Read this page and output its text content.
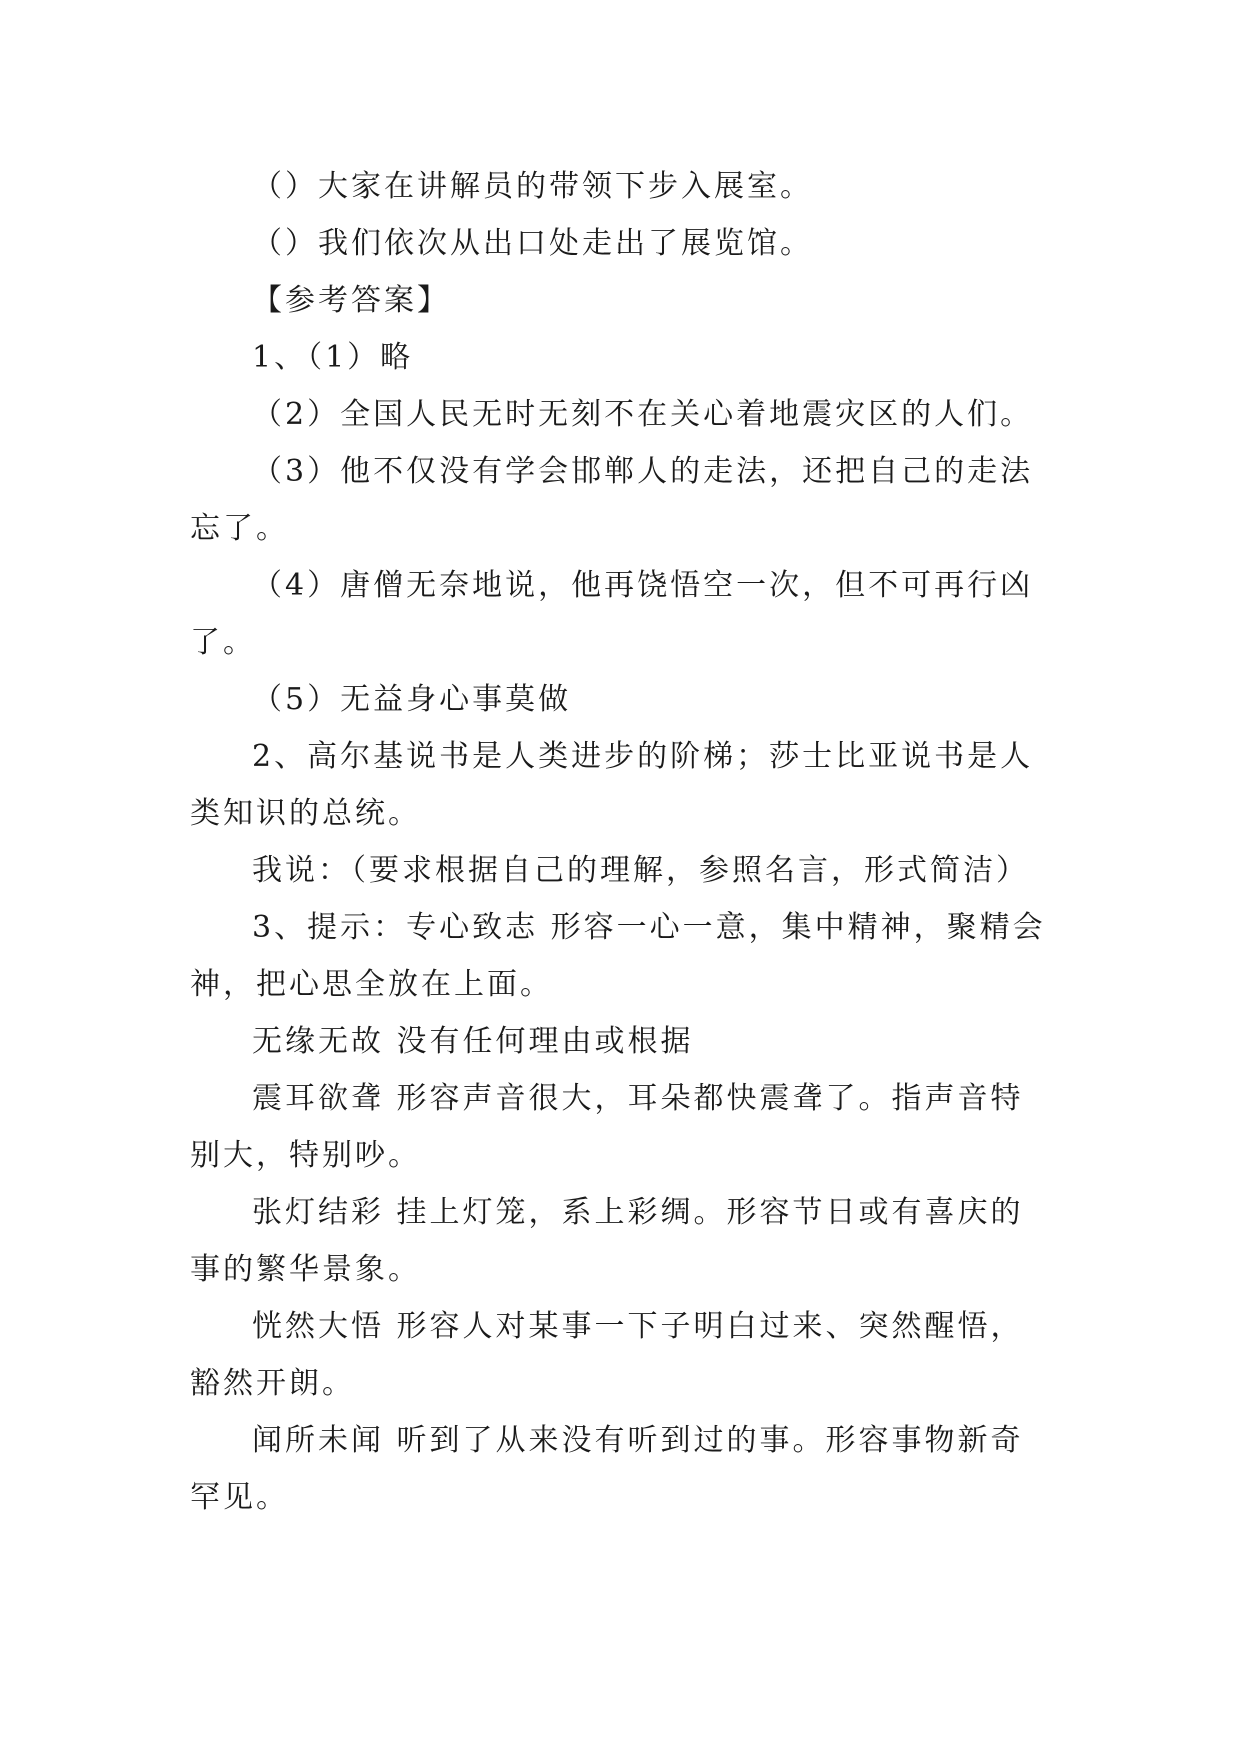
（）大家在讲解员的带领下步入展室。
（）我们依次从出口处走出了展览馆。
【参考答案】
1、（1）略
（2）全国人民无时无刻不在关心着地震灾区的人们。
（3）他不仅没有学会邯郸人的走法，还把自己的走法
忘了。
（4）唐僧无奈地说，他再饶悟空一次，但不可再行凶
了。
（5）无益身心事莫做
2、高尔基说书是人类进步的阶梯；莎士比亚说书是人
类知识的总统。
我说：（要求根据自己的理解，参照名言，形式简洁）
3、提示：专心致志 形容一心一意，集中精神，聚精会
神，把心思全放在上面。
无缘无故 没有任何理由或根据
震耳欲聋 形容声音很大，耳朵都快震聋了。指声音特
别大，特别吵。
张灯结彩 挂上灯笼，系上彩绸。形容节日或有喜庆的
事的繁华景象。
恍然大悟 形容人对某事一下子明白过来、突然醒悟，
豁然开朗。
闻所未闻 听到了从来没有听到过的事。形容事物新奇
罕见。
